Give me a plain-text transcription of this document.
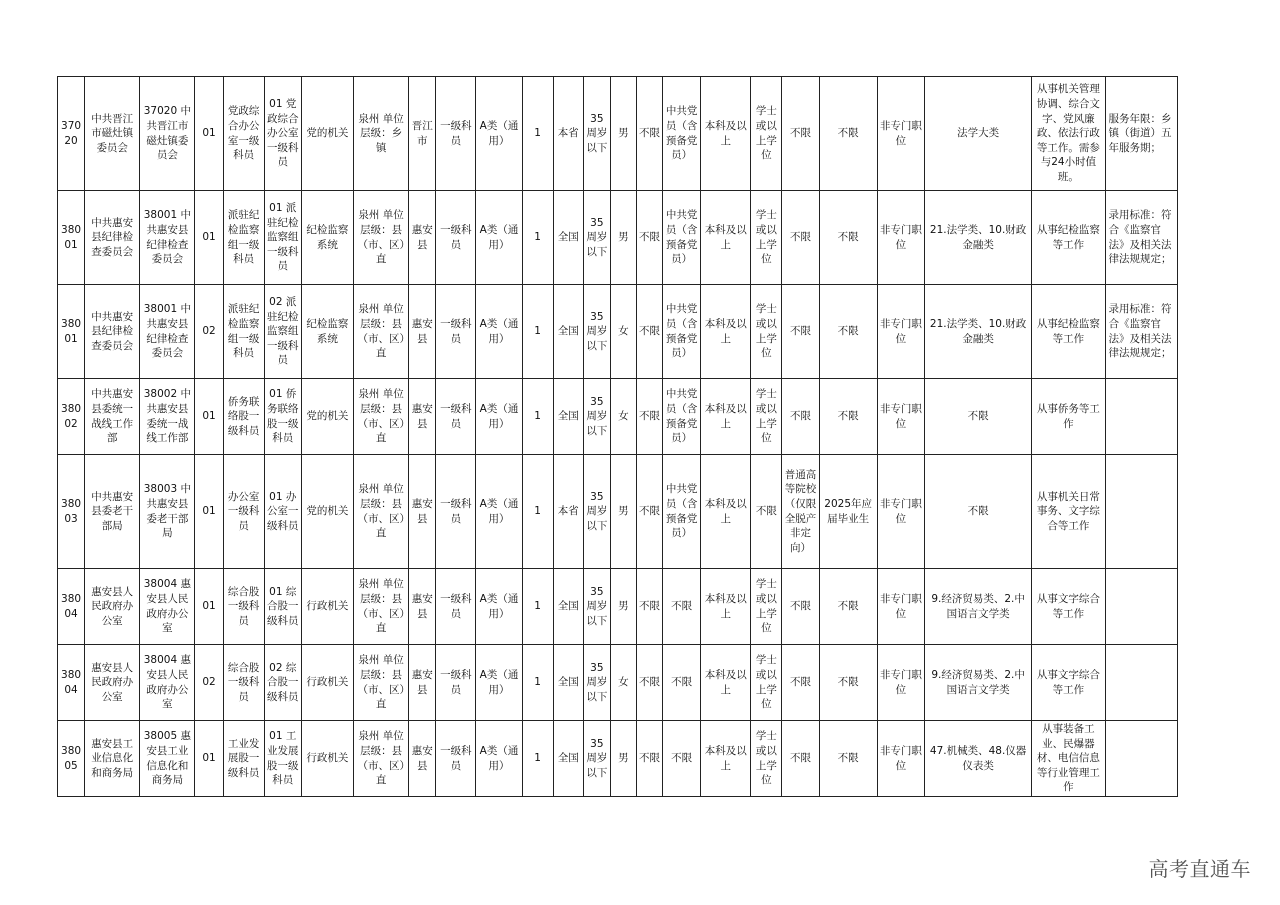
37020	中共晋江市磁灶镇委员会	37020 中共晋江市磁灶镇委员会	01	党政综合办公室一级科员	01 党政综合办公室一级科员	党的机关	泉州 单位层级：乡镇	晋江市	一级科员	A类（通用）	1	本省	35周岁以下	男	不限	中共党员（含预备党员）	本科及以上	学士或以上学位	不限	不限	非专门职位	法学大类	从事机关管理协调、综合文字、党风廉政、依法行政等工作。需参与24小时值班。	服务年限：乡镇（街道）五年服务期；
38001	中共惠安县纪律检查委员会	38001 中共惠安县纪律检查委员会	01	派驻纪检监察组一级科员	01 派驻纪检监察组一级科员	纪检监察系统	泉州 单位层级：县（市、区）直	惠安县	一级科员	A类（通用）	1	全国	35周岁以下	男	不限	中共党员（含预备党员）	本科及以上	学士或以上学位	不限	不限	非专门职位	21.法学类、10.财政金融类	从事纪检监察等工作	录用标准：符合《监察官法》及相关法律法规规定；
38001	中共惠安县纪律检查委员会	38001 中共惠安县纪律检查委员会	02	派驻纪检监察组一级科员	02 派驻纪检监察组一级科员	纪检监察系统	泉州 单位层级：县（市、区）直	惠安县	一级科员	A类（通用）	1	全国	35周岁以下	女	不限	中共党员（含预备党员）	本科及以上	学士或以上学位	不限	不限	非专门职位	21.法学类、10.财政金融类	从事纪检监察等工作	录用标准：符合《监察官法》及相关法律法规规定；
38002	中共惠安县委统一战线工作部	38002 中共惠安县委统一战线工作部	01	侨务联络股一级科员	01 侨务联络股一级科员	党的机关	泉州 单位层级：县（市、区）直	惠安县	一级科员	A类（通用）	1	全国	35周岁以下	女	不限	中共党员（含预备党员）	本科及以上	学士或以上学位	不限	不限	非专门职位	不限	从事侨务等工作	
38003	中共惠安县委老干部局	38003 中共惠安县委老干部局	01	办公室一级科员	01 办公室一级科员	党的机关	泉州 单位层级：县（市、区）直	惠安县	一级科员	A类（通用）	1	本省	35周岁以下	男	不限	中共党员（含预备党员）	本科及以上	不限	普通高等院校（仅限全脱产非定向）	2025年应届毕业生	非专门职位	不限	从事机关日常事务、文字综合等工作	
38004	惠安县人民政府办公室	38004 惠安县人民政府办公室	01	综合股一级科员	01 综合股一级科员	行政机关	泉州 单位层级：县（市、区）直	惠安县	一级科员	A类（通用）	1	全国	35周岁以下	男	不限	不限	本科及以上	学士或以上学位	不限	不限	非专门职位	9.经济贸易类、2.中国语言文学类	从事文字综合等工作	
38004	惠安县人民政府办公室	38004 惠安县人民政府办公室	02	综合股一级科员	02 综合股一级科员	行政机关	泉州 单位层级：县（市、区）直	惠安县	一级科员	A类（通用）	1	全国	35周岁以下	女	不限	不限	本科及以上	学士或以上学位	不限	不限	非专门职位	9.经济贸易类、2.中国语言文学类	从事文字综合等工作	
38005	惠安县工业信息化和商务局	38005 惠安县工业信息化和商务局	01	工业发展股一级科员	01 工业发展股一级科员	行政机关	泉州 单位层级：县（市、区）直	惠安县	一级科员	A类（通用）	1	全国	35周岁以下	男	不限	不限	本科及以上	学士或以上学位	不限	不限	非专门职位	47.机械类、48.仪器仪表类	从事装备工业、民爆器材、电信信息等行业管理工作	
高考直通车
